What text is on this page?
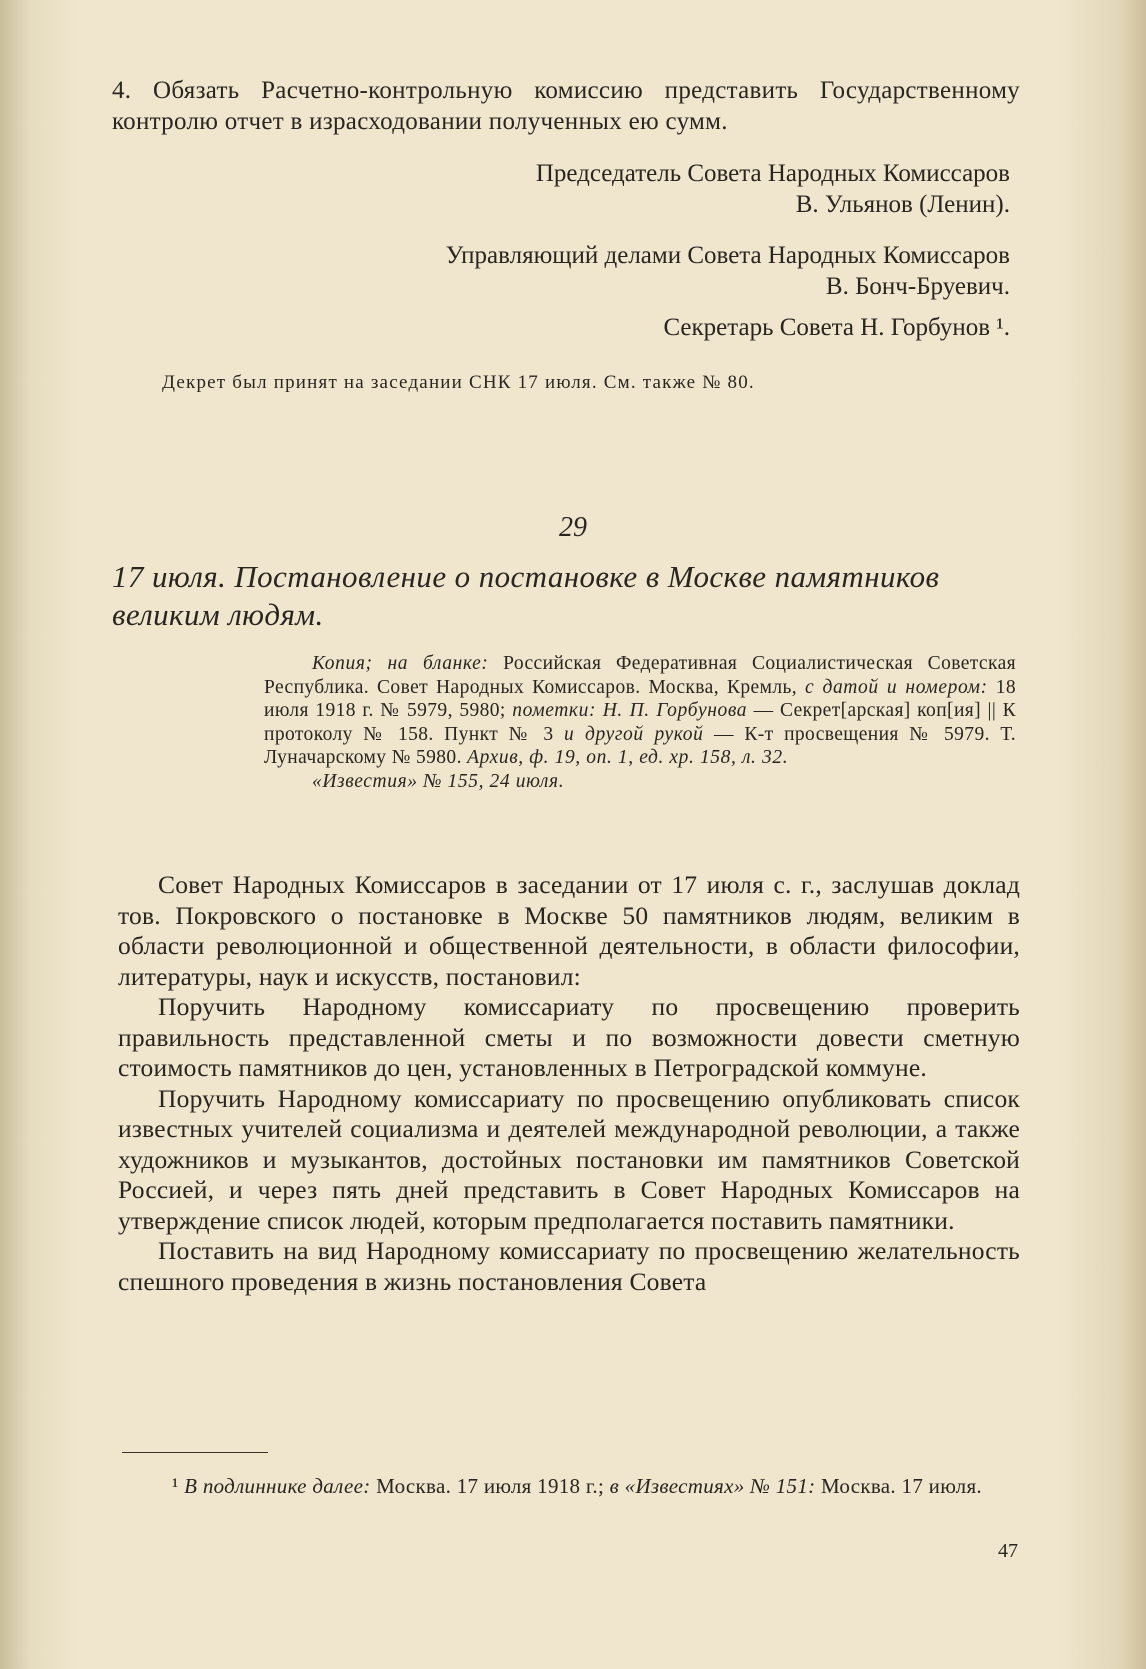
4. Обязать Расчетно-контрольную комиссию представить Государственному контролю отчет в израсходовании полученных ею сумм.
Председатель Совета Народных Комиссаров
В. Ульянов (Ленин).
Управляющий делами Совета Народных Комиссаров
В. Бонч-Бруевич.
Секретарь Совета Н. Горбунов ¹.
Декрет был принят на заседании СНК 17 июля. См. также № 80.
29
17 июля. Постановление о постановке в Москве памятников великим людям.
Копия; на бланке: Российская Федеративная Социалистическая Советская Республика. Совет Народных Комиссаров. Москва, Кремль, с датой и номером: 18 июля 1918 г. № 5979, 5980; пометки: Н. П. Горбунова — Секрет[арская] коп[ия] || К протоколу № 158. Пункт № 3 и другой рукой — К-т просвещения № 5979. Т. Луначарскому № 5980. Архив, ф. 19, оп. 1, ед. хр. 158, л. 32.
«Известия» № 155, 24 июля.

Совет Народных Комиссаров в заседании от 17 июля с. г., заслушав доклад тов. Покровского о постановке в Москве 50 памятников людям, великим в области революционной и общественной деятельности, в области философии, литературы, наук и искусств, постановил:

Поручить Народному комиссариату по просвещению проверить правильность представленной сметы и по возможности довести сметную стоимость памятников до цен, установленных в Петроградской коммуне.

Поручить Народному комиссариату по просвещению опубликовать список известных учителей социализма и деятелей международной революции, а также художников и музыкантов, достойных постановки им памятников Советской Россией, и через пять дней представить в Совет Народных Комиссаров на утверждение список людей, которым предполагается поставить памятники.

Поставить на вид Народному комиссариату по просвещению желательность спешного проведения в жизнь постановления Совета

¹ В подлиннике далее: Москва. 17 июля 1918 г.; в «Известиях» № 151: Москва. 17 июля.
47
